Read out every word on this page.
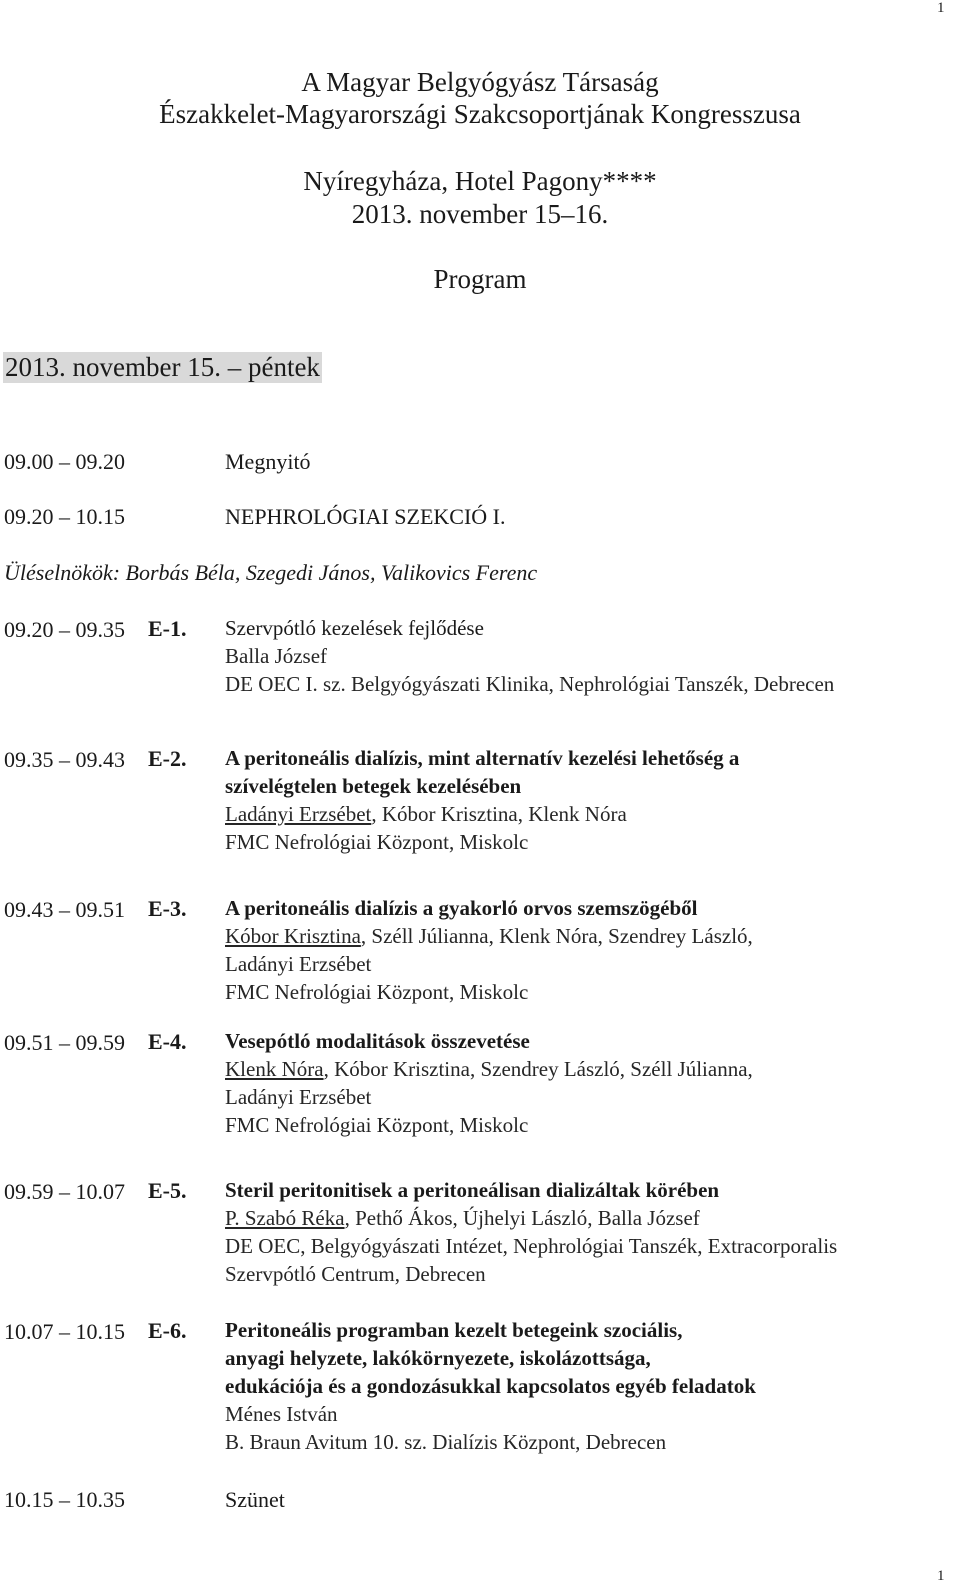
1
A Magyar Belgyógyász Társaság
Északkelet-Magyarországi Szakcsoportjának Kongresszusa
Nyíregyháza, Hotel Pagony****
2013. november 15–16.
Program
2013. november 15. – péntek
09.00 – 09.20	Megnyitó
09.20 – 10.15	NEPHROLÓGIAI SZEKCIÓ I.
Üléselnökök: Borbás Béla, Szegedi János, Valikovics Ferenc
09.20 – 09.35 E-1. Szervpótló kezelések fejlődése
Balla József
DE OEC I. sz. Belgyógyászati Klinika, Nephrológiai Tanszék, Debrecen
09.35 – 09.43 E-2. A peritoneális dialízis, mint alternatív kezelési lehetőség a
szívelégtelen betegek kezelésében
Ladányi Erzsébet, Kóbor Krisztina, Klenk Nóra
FMC Nefrológiai Központ, Miskolc
09.43 – 09.51 E-3. A peritoneális dialízis a gyakorló orvos szemszögéből
Kóbor Krisztina, Széll Júlianna, Klenk Nóra, Szendrey László,
Ladányi Erzsébet
FMC Nefrológiai Központ, Miskolc
09.51 – 09.59 E-4. Vesepótló modalitások összevetése
Klenk Nóra, Kóbor Krisztina, Szendrey László, Széll Júlianna,
Ladányi Erzsébet
FMC Nefrológiai Központ, Miskolc
09.59 – 10.07 E-5. Steril peritonitisek a peritoneálisan dializáltak körében
P. Szabó Réka, Pethő Ákos, Újhelyi László, Balla József
DE OEC, Belgyógyászati Intézet, Nephrológiai Tanszék, Extracorporalis
Szervpótló Centrum, Debrecen
10.07 – 10.15 E-6. Peritoneális programban kezelt betegeink szociális,
anyagi helyzete, lakókörnyezete, iskolázottsága,
edukációja és a gondozásukkal kapcsolatos egyéb feladatok
Ménes István
B. Braun Avitum 10. sz. Dialízis Központ, Debrecen
10.15 – 10.35	Szünet
1
